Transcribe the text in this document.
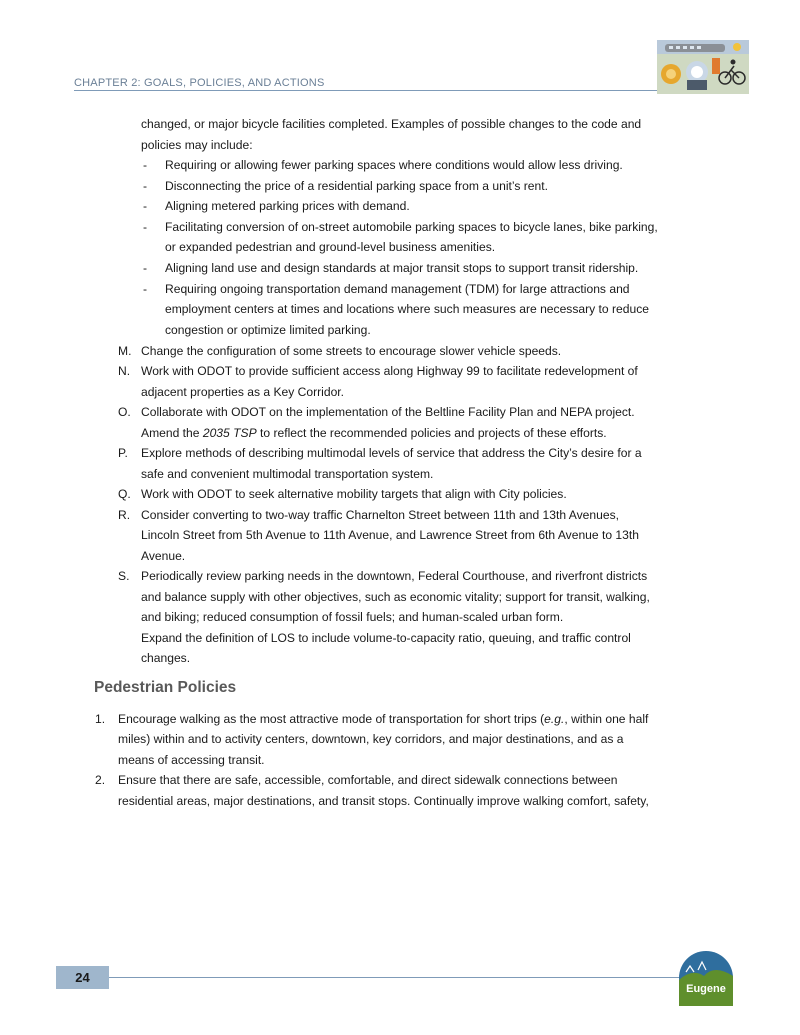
CHAPTER 2: GOALS, POLICIES, AND ACTIONS
changed, or major bicycle facilities completed. Examples of possible changes to the code and
policies may include:
- Requiring or allowing fewer parking spaces where conditions would allow less driving.
- Disconnecting the price of a residential parking space from a unit’s rent.
- Aligning metered parking prices with demand.
- Facilitating conversion of on-street automobile parking spaces to bicycle lanes, bike parking,
or expanded pedestrian and ground-level business amenities.
- Aligning land use and design standards at major transit stops to support transit ridership.
- Requiring ongoing transportation demand management (TDM) for large attractions and
employment centers at times and locations where such measures are necessary to reduce
congestion or optimize limited parking.
M. Change the configuration of some streets to encourage slower vehicle speeds.
N. Work with ODOT to provide sufficient access along Highway 99 to facilitate redevelopment of
adjacent properties as a Key Corridor.
O. Collaborate with ODOT on the implementation of the Beltline Facility Plan and NEPA project.
Amend the 2035 TSP to reflect the recommended policies and projects of these efforts.
P. Explore methods of describing multimodal levels of service that address the City’s desire for a
safe and convenient multimodal transportation system.
Q. Work with ODOT to seek alternative mobility targets that align with City policies.
R. Consider converting to two-way traffic Charnelton Street between 11th and 13th Avenues,
Lincoln Street from 5th Avenue to 11th Avenue, and Lawrence Street from 6th Avenue to 13th
Avenue.
S. Periodically review parking needs in the downtown, Federal Courthouse, and riverfront districts
and balance supply with other objectives, such as economic vitality; support for transit, walking,
and biking; reduced consumption of fossil fuels; and human-scaled urban form.
Expand the definition of LOS to include volume-to-capacity ratio, queuing, and traffic control
changes.
Pedestrian Policies
1. Encourage walking as the most attractive mode of transportation for short trips (e.g., within one half
miles) within and to activity centers, downtown, key corridors, and major destinations, and as a
means of accessing transit.
2. Ensure that there are safe, accessible, comfortable, and direct sidewalk connections between
residential areas, major destinations, and transit stops. Continually improve walking comfort, safety,
24
Eugene
